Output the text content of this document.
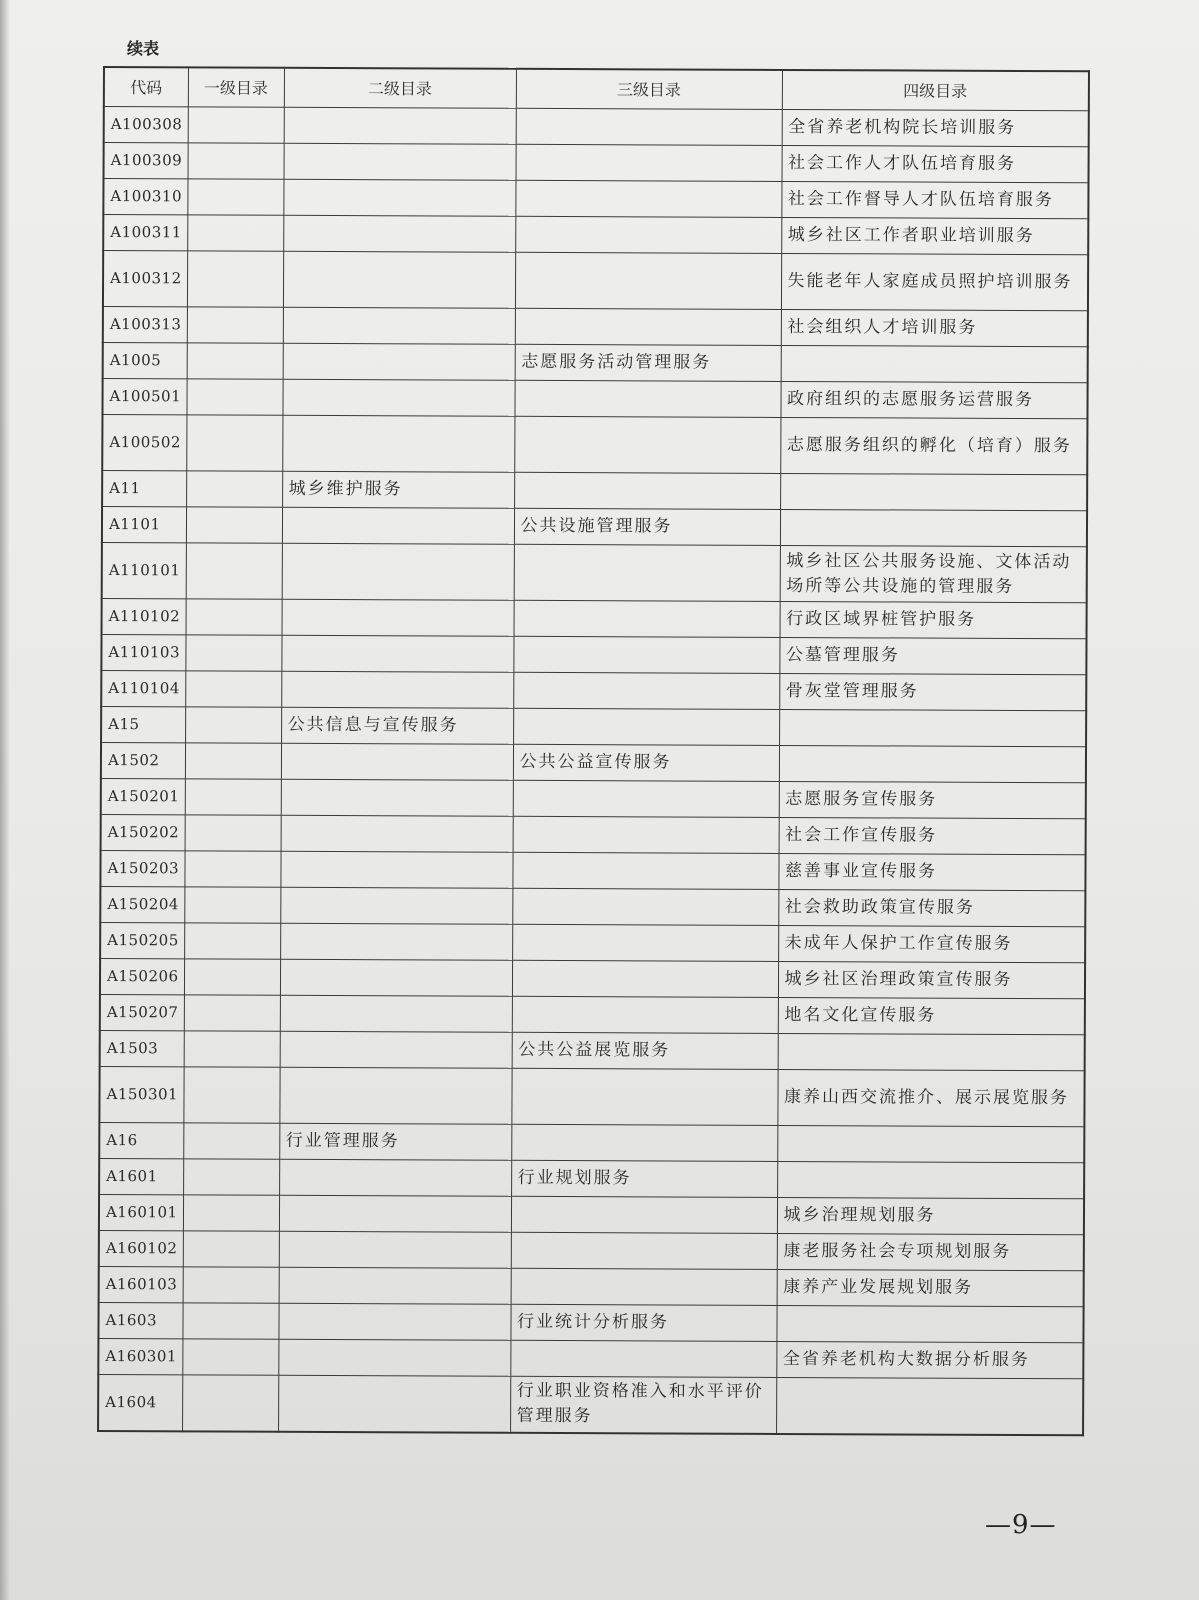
续表
代码	一级目录	二级目录	三级目录	四级目录
A100308				全省养老机构院长培训服务
A100309				社会工作人才队伍培育服务
A100310				社会工作督导人才队伍培育服务
A100311				城乡社区工作者职业培训服务
A100312				失能老年人家庭成员照护培训服务
A100313				社会组织人才培训服务
A1005			志愿服务活动管理服务	
A100501				政府组织的志愿服务运营服务
A100502				志愿服务组织的孵化（培育）服务
A11		城乡维护服务		
A1101			公共设施管理服务	
A110101				城乡社区公共服务设施、文体活动场所等公共设施的管理服务
A110102				行政区域界桩管护服务
A110103				公墓管理服务
A110104				骨灰堂管理服务
A15		公共信息与宣传服务		
A1502			公共公益宣传服务	
A150201				志愿服务宣传服务
A150202				社会工作宣传服务
A150203				慈善事业宣传服务
A150204				社会救助政策宣传服务
A150205				未成年人保护工作宣传服务
A150206				城乡社区治理政策宣传服务
A150207				地名文化宣传服务
A1503			公共公益展览服务	
A150301				康养山西交流推介、展示展览服务
A16		行业管理服务		
A1601			行业规划服务	
A160101				城乡治理规划服务
A160102				康老服务社会专项规划服务
A160103				康养产业发展规划服务
A1603			行业统计分析服务	
A160301				全省养老机构大数据分析服务
A1604			行业职业资格准入和水平评价管理服务	
—9—
